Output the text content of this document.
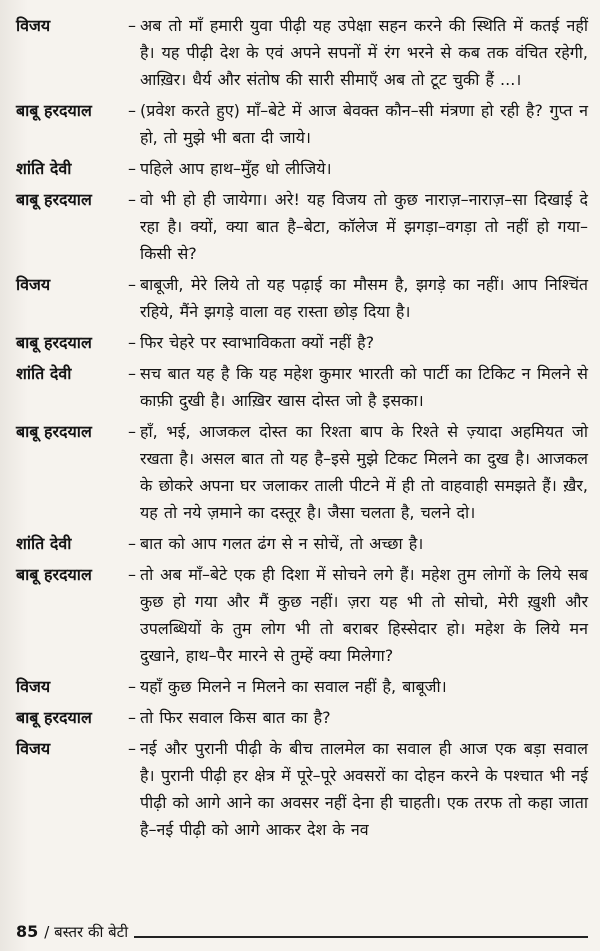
विजय	– अब तो माँ हमारी युवा पीढ़ी यह उपेक्षा सहन करने की स्थिति में कतई नहीं है। यह पीढ़ी देश के एवं अपने सपनों में रंग भरने से कब तक वंचित रहेगी, आख़िर। धैर्य और संतोष की सारी सीमाएँ अब तो टूट चुकी हैं ...।
बाबू हरदयाल	– (प्रवेश करते हुए) माँ–बेटे में आज बेवक्त कौन–सी मंत्रणा हो रही है? गुप्त न हो, तो मुझे भी बता दी जाये।
शांति देवी	– पहिले आप हाथ–मुँह धो लीजिये।
बाबू हरदयाल	– वो भी हो ही जायेगा। अरे! यह विजय तो कुछ नाराज़–नाराज़–सा दिखाई दे रहा है। क्यों, क्या बात है–बेटा, कॉलेज में झगड़ा–वगड़ा तो नहीं हो गया–किसी से?
विजय	– बाबूजी, मेरे लिये तो यह पढ़ाई का मौसम है, झगड़े का नहीं। आप निश्चिंत रहिये, मैंने झगड़े वाला वह रास्ता छोड़ दिया है।
बाबू हरदयाल	– फिर चेहरे पर स्वाभाविकता क्यों नहीं है?
शांति देवी	– सच बात यह है कि यह महेश कुमार भारती को पार्टी का टिकिट न मिलने से काफ़ी दुखी है। आख़िर खास दोस्त जो है इसका।
बाबू हरदयाल	– हाँ, भई, आजकल दोस्त का रिश्ता बाप के रिश्ते से ज़्यादा अहमियत जो रखता है। असल बात तो यह है–इसे मुझे टिकट मिलने का दुख है। आजकल के छोकरे अपना घर जलाकर ताली पीटने में ही तो वाहवाही समझते हैं। ख़ैर, यह तो नये ज़माने का दस्तूर है। जैसा चलता है, चलने दो।
शांति देवी	– बात को आप गलत ढंग से न सोचें, तो अच्छा है।
बाबू हरदयाल	– तो अब माँ–बेटे एक ही दिशा में सोचने लगे हैं। महेश तुम लोगों के लिये सब कुछ हो गया और मैं कुछ नहीं। ज़रा यह भी तो सोचो, मेरी ख़ुशी और उपलब्धियों के तुम लोग भी तो बराबर हिस्सेदार हो। महेश के लिये मन दुखाने, हाथ–पैर मारने से तुम्हें क्या मिलेगा?
विजय	– यहाँ कुछ मिलने न मिलने का सवाल नहीं है, बाबूजी।
बाबू हरदयाल	– तो फिर सवाल किस बात का है?
विजय	– नई और पुरानी पीढ़ी के बीच तालमेल का सवाल ही आज एक बड़ा सवाल है। पुरानी पीढ़ी हर क्षेत्र में पूरे–पूरे अवसरों का दोहन करने के पश्चात भी नई पीढ़ी को आगे आने का अवसर नहीं देना ही चाहती। एक तरफ तो कहा जाता है–नई पीढ़ी को आगे आकर देश के नव
85 / बस्तर की बेटी
